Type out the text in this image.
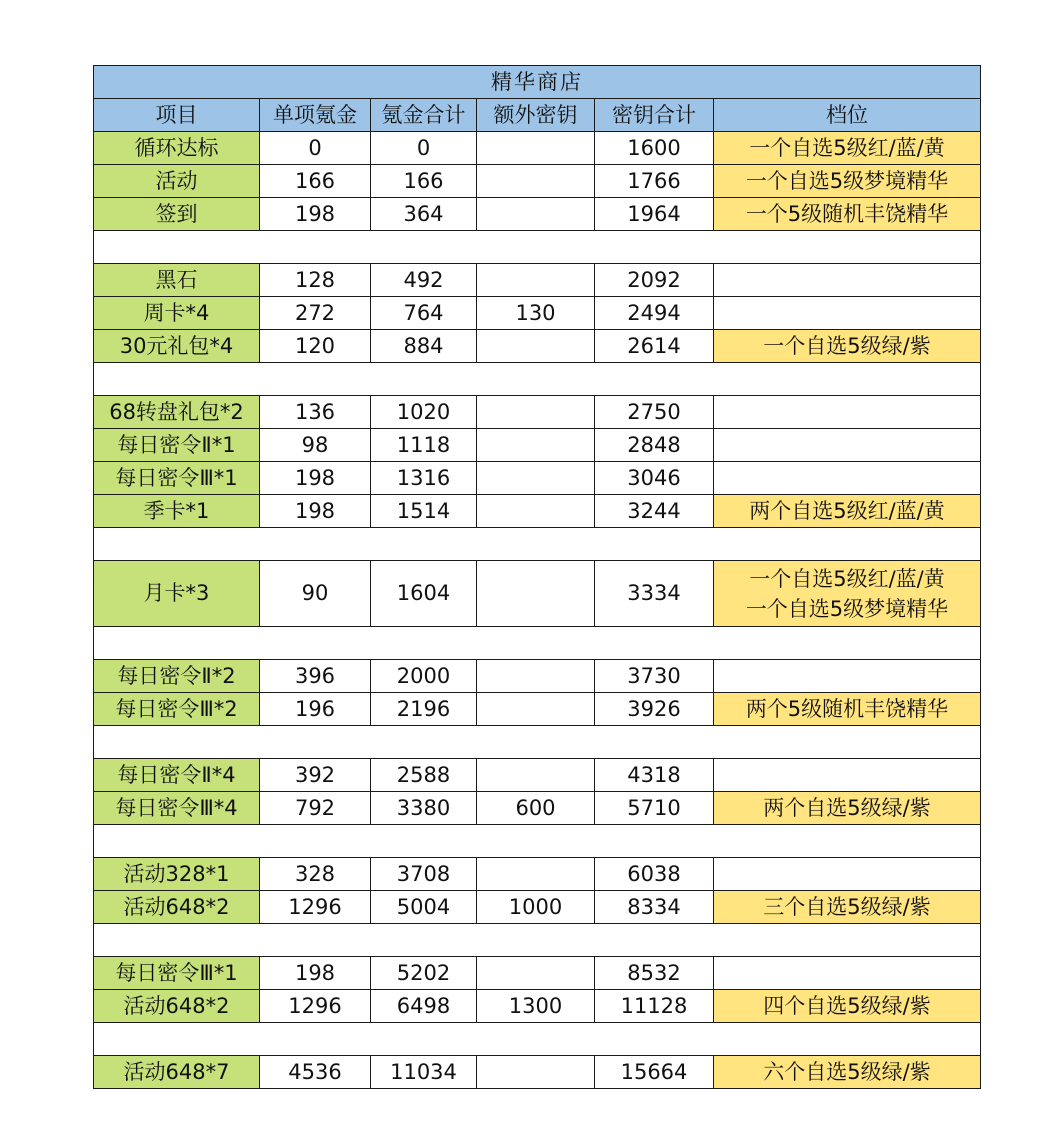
精华商店					
项目	单项氪金	氪金合计	额外密钥	密钥合计	档位
循环达标	0	0		1600	一个自选5级红/蓝/黄

活动	166	166		1766	一个自选5级梦境精华

签到	198	364		1964	一个5级随机丰饶精华

黑石	128	492		2092	
周卡*4	272	764	130	2494	
30元礼包*4	120	884		2614	一个自选5级绿/紫

68转盘礼包*2	136	1020		2750	
每日密令Ⅱ*1	98	1118		2848	
每日密令Ⅲ*1	198	1316		3046	
季卡*1	198	1514		3244	两个自选5级红/蓝/黄

月卡*3	90	1604		3334	一个自选5级红/蓝/黄
一个自选5级梦境精华

每日密令Ⅱ*2	396	2000		3730	
每日密令Ⅲ*2	196	2196		3926	两个5级随机丰饶精华

每日密令Ⅱ*4	392	2588		4318	
每日密令Ⅲ*4	792	3380	600	5710	两个自选5级绿/紫

活动328*1	328	3708		6038	
活动648*2	1296	5004	1000	8334	三个自选5级绿/紫

每日密令Ⅲ*1	198	5202		8532	
活动648*2	1296	6498	1300	11128	四个自选5级绿/紫

活动648*7	4536	11034		15664	六个自选5级绿/紫
